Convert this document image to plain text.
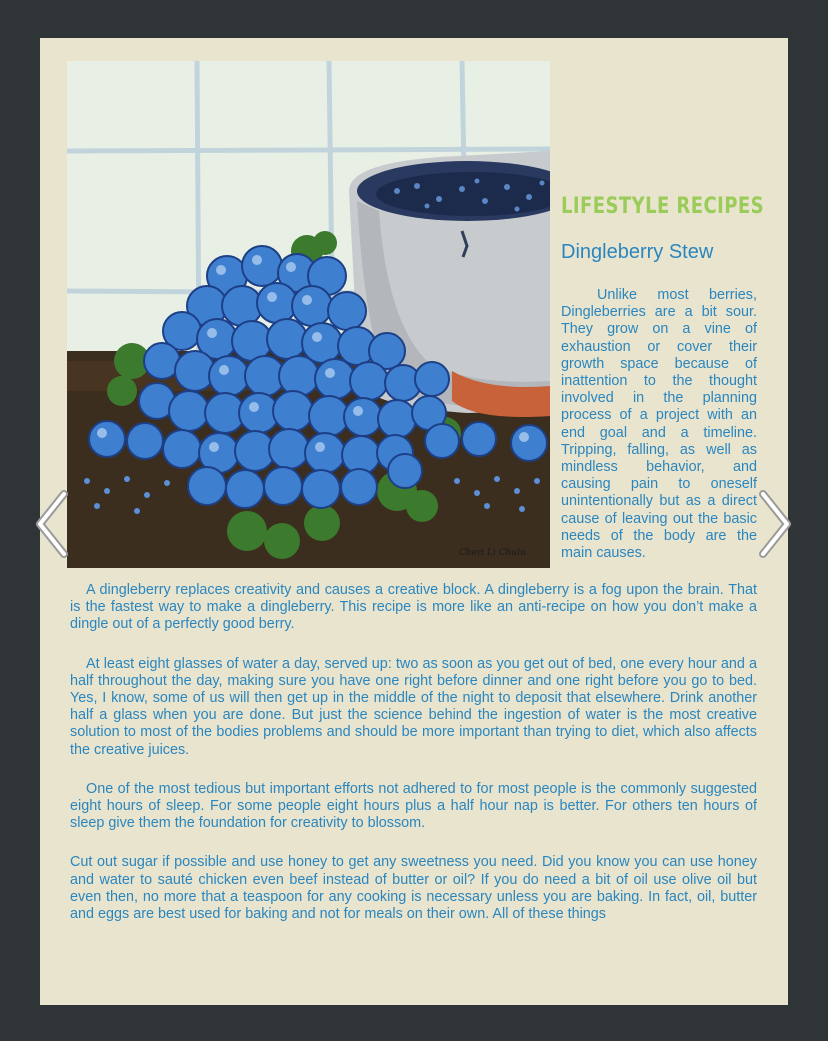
Cheri Li Chulu
LIFESTYLE RECIPES
Dingleberry Stew

Unlike most berries, Dingleberries are a bit sour. They grow on a vine of exhaustion or cover their growth space because of inattention to the thought involved in the planning process of a project with an end goal and a timeline. Tripping, falling, as well as mindless behavior, and causing pain to oneself unintentionally but as a direct cause of leaving out the basic needs of the body are the main causes.

A dingleberry replaces creativity and causes a creative block. A dingleberry is a fog upon the brain. That is the fastest way to make a dingleberry. This recipe is more like an anti-recipe on how you don’t make a dingle out of a perfectly good berry.

At least eight glasses of water a day, served up: two as soon as you get out of bed, one every hour and a half throughout the day, making sure you have one right before dinner and one right before you go to bed. Yes, I know, some of us will then get up in the middle of the night to deposit that elsewhere. Drink another half a glass when you are done. But just the science behind the ingestion of water is the most creative solution to most of the bodies problems and should be more important than trying to diet, which also affects the creative juices.

One of the most tedious but important efforts not adhered to for most people is the commonly suggested eight hours of sleep. For some people eight hours plus a half hour nap is better. For others ten hours of sleep give them the foundation for creativity to blossom.

Cut out sugar if possible and use honey to get any sweetness you need. Did you know you can use honey and water to sauté chicken even beef instead of butter or oil? If you do need a bit of oil use olive oil but even then, no more that a teaspoon for any cooking is necessary unless you are baking. In fact, oil, butter and eggs are best used for baking and not for meals on their own. All of these things
